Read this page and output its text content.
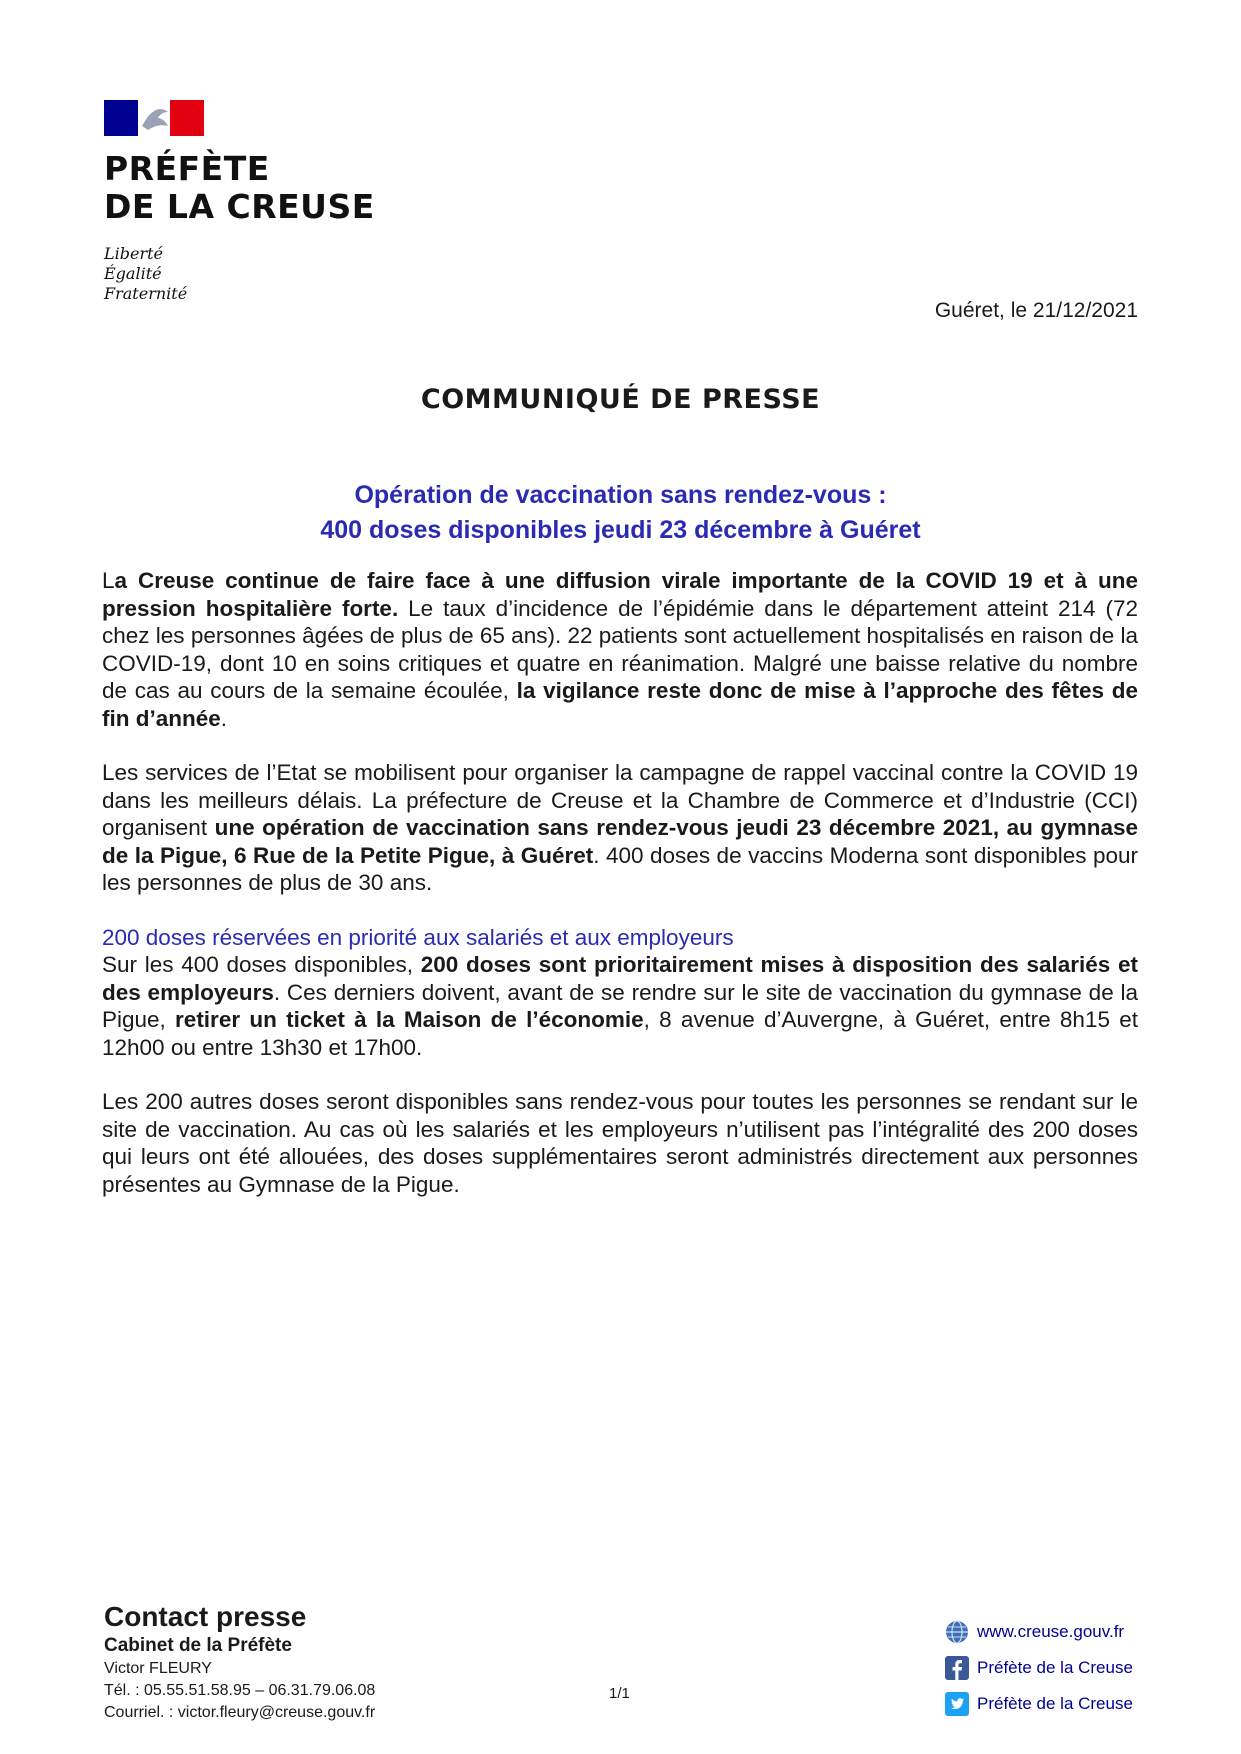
PRÉFÈTE
DE LA CREUSE
Liberté
Égalité
Fraternité
Guéret, le 21/12/2021
COMMUNIQUÉ DE PRESSE
Opération de vaccination sans rendez-vous :
400 doses disponibles jeudi 23 décembre à Guéret

La Creuse continue de faire face à une diffusion virale importante de la COVID 19 et à une pression hospitalière forte. Le taux d’incidence de l’épidémie dans le département atteint 214 (72 chez les personnes âgées de plus de 65 ans). 22 patients sont actuellement hospitalisés en raison de la COVID-19, dont 10 en soins critiques et quatre en réanimation. Malgré une baisse relative du nombre de cas au cours de la semaine écoulée, la vigilance reste donc de mise à l’approche des fêtes de fin d’année.

Les services de l’Etat se mobilisent pour organiser la campagne de rappel vaccinal contre la COVID 19 dans les meilleurs délais. La préfecture de Creuse et la Chambre de Commerce et d’Industrie (CCI) organisent une opération de vaccination sans rendez-vous jeudi 23 décembre 2021, au gymnase de la Pigue, 6 Rue de la Petite Pigue, à Guéret. 400 doses de vaccins Moderna sont disponibles pour les personnes de plus de 30 ans.

200 doses réservées en priorité aux salariés et aux employeurs

Sur les 400 doses disponibles, 200 doses sont prioritairement mises à disposition des salariés et des employeurs. Ces derniers doivent, avant de se rendre sur le site de vaccination du gymnase de la Pigue, retirer un ticket à la Maison de l’économie, 8 avenue d’Auvergne, à Guéret, entre 8h15 et 12h00 ou entre 13h30 et 17h00.

Les 200 autres doses seront disponibles sans rendez-vous pour toutes les personnes se rendant sur le site de vaccination. Au cas où les salariés et les employeurs n’utilisent pas l’intégralité des 200 doses qui leurs ont été allouées, des doses supplémentaires seront administrés directement aux personnes présentes au Gymnase de la Pigue.

Contact presse
Cabinet de la Préfète
Victor FLEURY
Tél. : 05.55.51.58.95 – 06.31.79.06.08
Courriel. : victor.fleury@creuse.gouv.fr
1/1
www.creuse.gouv.fr
Préfète de la Creuse
Préfète de la Creuse
